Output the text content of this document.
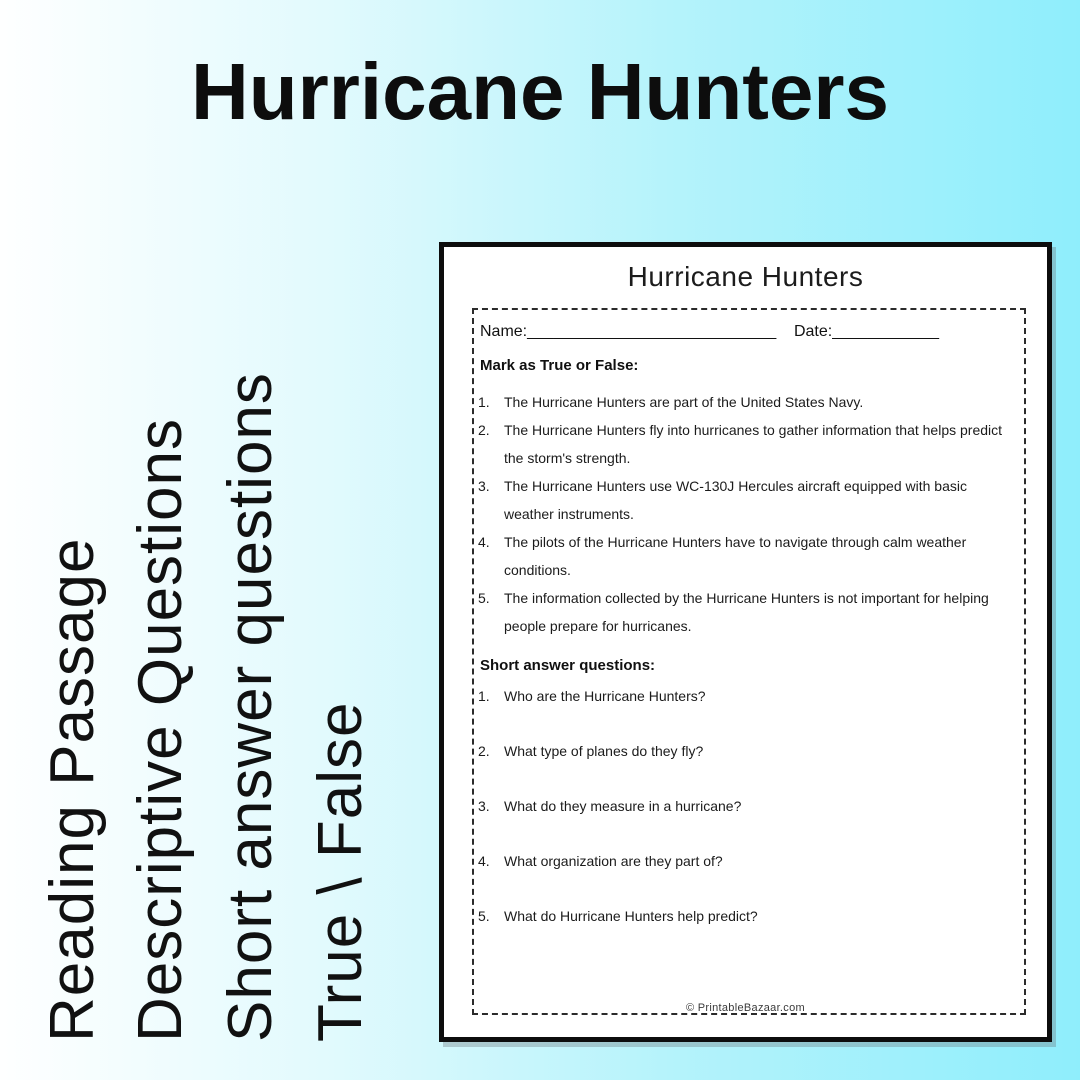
Hurricane Hunters
Reading Passage Descriptive Questions Short answer questions True \ False
Hurricane Hunters
Name: ____________________________ Date:____________
Mark as True or False:
1.	The Hurricane Hunters are part of the United States Navy.
2.	The Hurricane Hunters fly into hurricanes to gather information that helps predict the storm's strength.
3.	The Hurricane Hunters use WC-130J Hercules aircraft equipped with basic weather instruments.
4.	The pilots of the Hurricane Hunters have to navigate through calm weather conditions.
5.	The information collected by the Hurricane Hunters is not important for helping people prepare for hurricanes.
Short answer questions:
1.	Who are the Hurricane Hunters?
2.	What type of planes do they fly?
3.	What do they measure in a hurricane?
4.	What organization are they part of?
5.	What do Hurricane Hunters help predict?
© PrintableBazaar.com
